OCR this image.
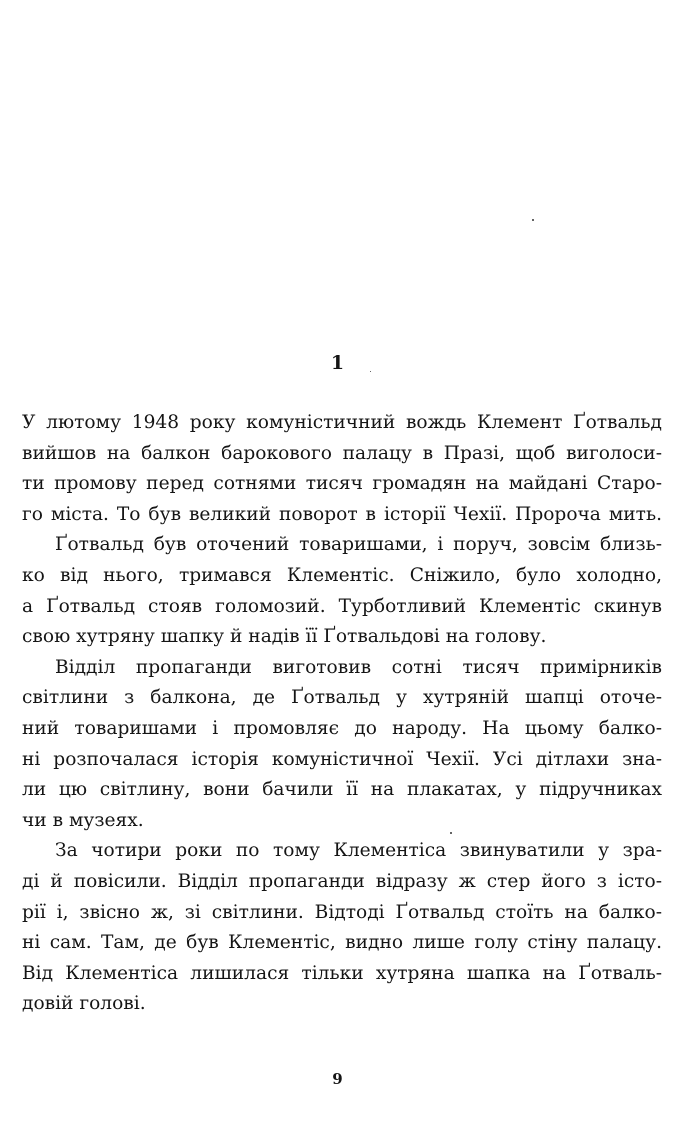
1
У лютому 1948 року комуністичний вождь Клемент Ґотвальд
вийшов на балкон барокового палацу в Празі, щоб виголоси-
ти промову перед сотнями тисяч громадян на майдані Старо-
го міста. То був великий поворот в історії Чехії. Пророча мить.
Ґотвальд був оточений товаришами, і поруч, зовсім близь-
ко від нього, тримався Клементіс. Сніжило, було холодно,
а Ґотвальд стояв голомозий. Турботливий Клементіс скинув
свою хутряну шапку й надів її Ґотвальдові на голову.
Відділ пропаганди виготовив сотні тисяч примірників
світлини з балкона, де Ґотвальд у хутряній шапці оточе-
ний товаришами і промовляє до народу. На цьому балко-
ні розпочалася історія комуністичної Чехії. Усі дітлахи зна-
ли цю світлину, вони бачили її на плакатах, у підручниках
чи в музеях.
За чотири роки по тому Клементіса звинуватили у зра-
ді й повісили. Відділ пропаганди відразу ж стер його з істо-
рії і, звісно ж, зі світлини. Відтоді Ґотвальд стоїть на балко-
ні сам. Там, де був Клементіс, видно лише голу стіну палацу.
Від Клементіса лишилася тільки хутряна шапка на Ґотваль-
довій голові.
9
